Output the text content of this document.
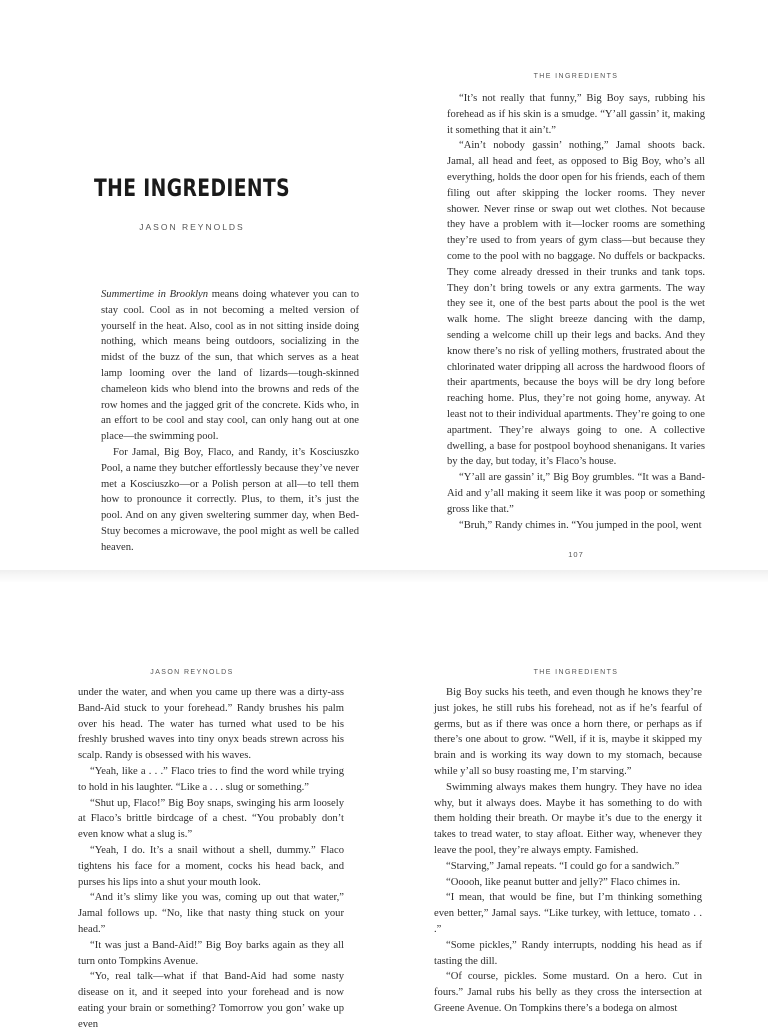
THE INGREDIENTS
JASON REYNOLDS

Summertime in Brooklyn means doing whatever you can to stay cool. Cool as in not becoming a melted version of yourself in the heat. Also, cool as in not sitting inside doing nothing, which means being outdoors, socializing in the midst of the buzz of the sun, that which serves as a heat lamp looming over the land of lizards—tough-skinned chameleon kids who blend into the browns and reds of the row homes and the jagged grit of the concrete. Kids who, in an effort to be cool and stay cool, can only hang out at one place—the swimming pool.

For Jamal, Big Boy, Flaco, and Randy, it’s Kosciuszko Pool, a name they butcher effortlessly because they’ve never met a Kosciuszko—or a Polish person at all—to tell them how to pronounce it correctly. Plus, to them, it’s just the pool. And on any given sweltering summer day, when Bed-Stuy becomes a microwave, the pool might as well be called heaven.

THE INGREDIENTS

“It’s not really that funny,” Big Boy says, rubbing his forehead as if his skin is a smudge. “Y’all gassin’ it, making it something that it ain’t.”

“Ain’t nobody gassin’ nothing,” Jamal shoots back. Jamal, all head and feet, as opposed to Big Boy, who’s all everything, holds the door open for his friends, each of them filing out after skipping the locker rooms. They never shower. Never rinse or swap out wet clothes. Not because they have a problem with it—locker rooms are something they’re used to from years of gym class—but because they come to the pool with no baggage. No duffels or backpacks. They come already dressed in their trunks and tank tops. They don’t bring towels or any extra garments. The way they see it, one of the best parts about the pool is the wet walk home. The slight breeze dancing with the damp, sending a welcome chill up their legs and backs. And they know there’s no risk of yelling mothers, frustrated about the chlorinated water dripping all across the hardwood floors of their apartments, because the boys will be dry long before reaching home. Plus, they’re not going home, anyway. At least not to their individual apartments. They’re going to one apartment. They’re always going to one. A collective dwelling, a base for postpool boyhood shenanigans. It varies by the day, but today, it’s Flaco’s house.

“Y’all are gassin’ it,” Big Boy grumbles. “It was a Band-Aid and y’all making it seem like it was poop or something gross like that.”

“Bruh,” Randy chimes in. “You jumped in the pool, went

107
JASON REYNOLDS

under the water, and when you came up there was a dirty-ass Band-Aid stuck to your forehead.” Randy brushes his palm over his head. The water has turned what used to be his freshly brushed waves into tiny onyx beads strewn across his scalp. Randy is obsessed with his waves.

“Yeah, like a . . .” Flaco tries to find the word while trying to hold in his laughter. “Like a . . . slug or something.”

“Shut up, Flaco!” Big Boy snaps, swinging his arm loosely at Flaco’s brittle birdcage of a chest. “You probably don’t even know what a slug is.”

“Yeah, I do. It’s a snail without a shell, dummy.” Flaco tightens his face for a moment, cocks his head back, and purses his lips into a shut your mouth look.

“And it’s slimy like you was, coming up out that water,” Jamal follows up. “No, like that nasty thing stuck on your head.”

“It was just a Band-Aid!” Big Boy barks again as they all turn onto Tompkins Avenue.

“Yo, real talk—what if that Band-Aid had some nasty disease on it, and it seeped into your forehead and is now eating your brain or something? Tomorrow you gon’ wake up even

THE INGREDIENTS

Big Boy sucks his teeth, and even though he knows they’re just jokes, he still rubs his forehead, not as if he’s fearful of germs, but as if there was once a horn there, or perhaps as if there’s one about to grow. “Well, if it is, maybe it skipped my brain and is working its way down to my stomach, because while y’all so busy roasting me, I’m starving.”

Swimming always makes them hungry. They have no idea why, but it always does. Maybe it has something to do with them holding their breath. Or maybe it’s due to the energy it takes to tread water, to stay afloat. Either way, whenever they leave the pool, they’re always empty. Famished.

“Starving,” Jamal repeats. “I could go for a sandwich.”

“Ooooh, like peanut butter and jelly?” Flaco chimes in.

“I mean, that would be fine, but I’m thinking something even better,” Jamal says. “Like turkey, with lettuce, tomato . . .”

“Some pickles,” Randy interrupts, nodding his head as if tasting the dill.

“Of course, pickles. Some mustard. On a hero. Cut in fours.” Jamal rubs his belly as they cross the intersection at Greene Avenue. On Tompkins there’s a bodega on almost
